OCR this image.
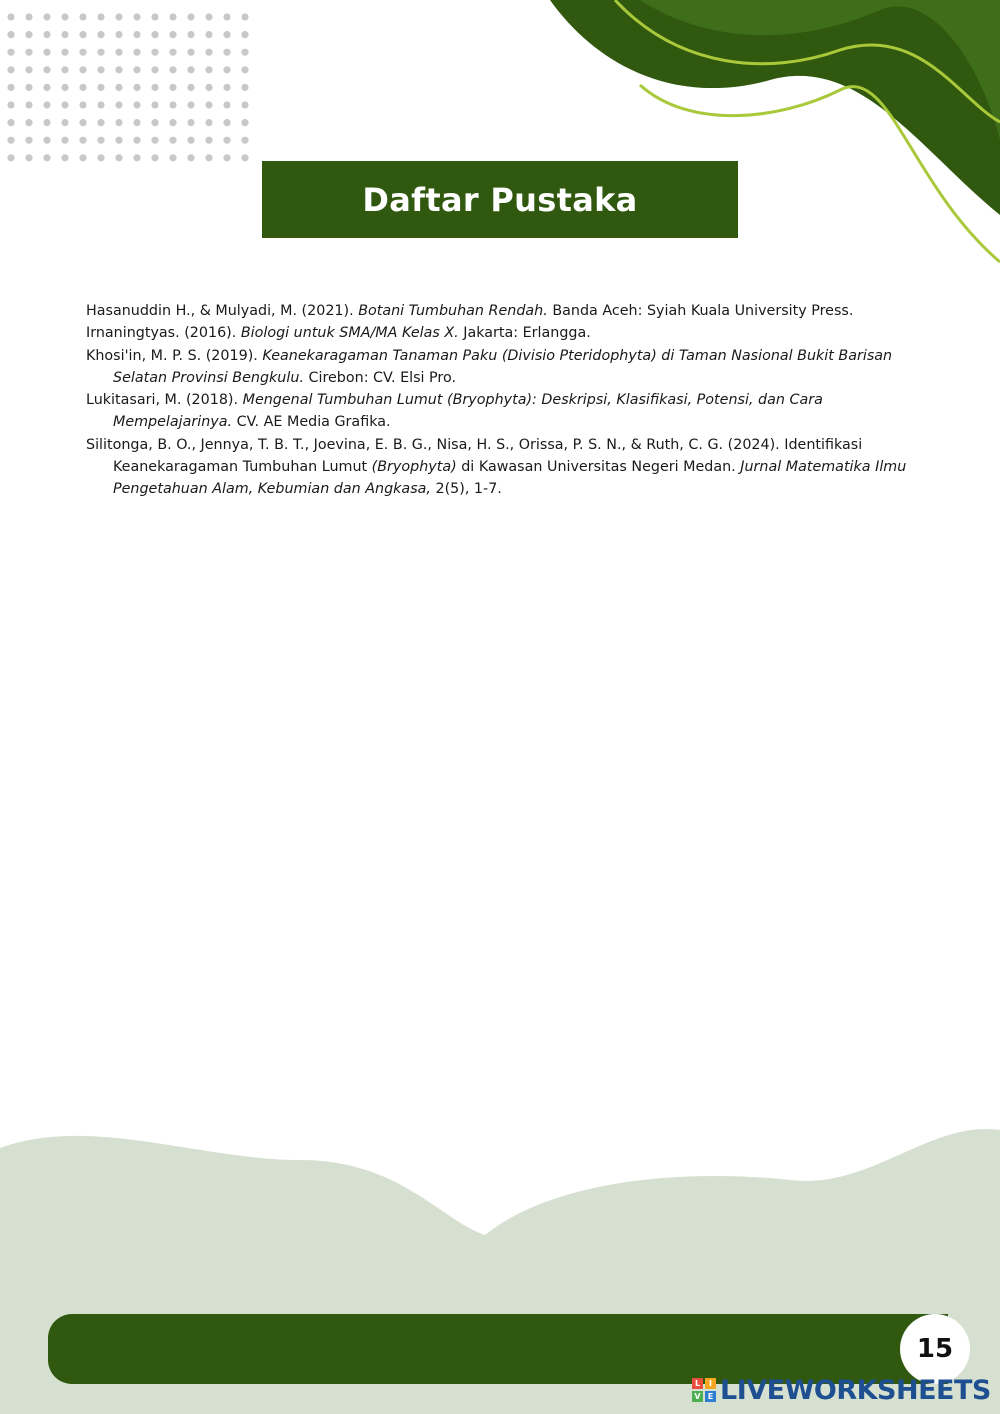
Daftar Pustaka

Hasanuddin H., & Mulyadi, M. (2021). Botani Tumbuhan Rendah. Banda Aceh: Syiah Kuala University Press.

Irnaningtyas. (2016). Biologi untuk SMA/MA Kelas X. Jakarta: Erlangga.

Khosi'in, M. P. S. (2019). Keanekaragaman Tanaman Paku (Divisio Pteridophyta) di Taman Nasional Bukit Barisan Selatan Provinsi Bengkulu. Cirebon: CV. Elsi Pro.

Lukitasari, M. (2018). Mengenal Tumbuhan Lumut (Bryophyta): Deskripsi, Klasifikasi, Potensi, dan Cara Mempelajarinya. CV. AE Media Grafika.

Silitonga, B. O., Jennya, T. B. T., Joevina, E. B. G., Nisa, H. S., Orissa, P. S. N., & Ruth, C. G. (2024). Identifikasi Keanekaragaman Tumbuhan Lumut (Bryophyta) di Kawasan Universitas Negeri Medan. Jurnal Matematika Ilmu Pengetahuan Alam, Kebumian dan Angkasa, 2(5), 1-7.

15
L	I
V E LIVEWORKSHEETS
